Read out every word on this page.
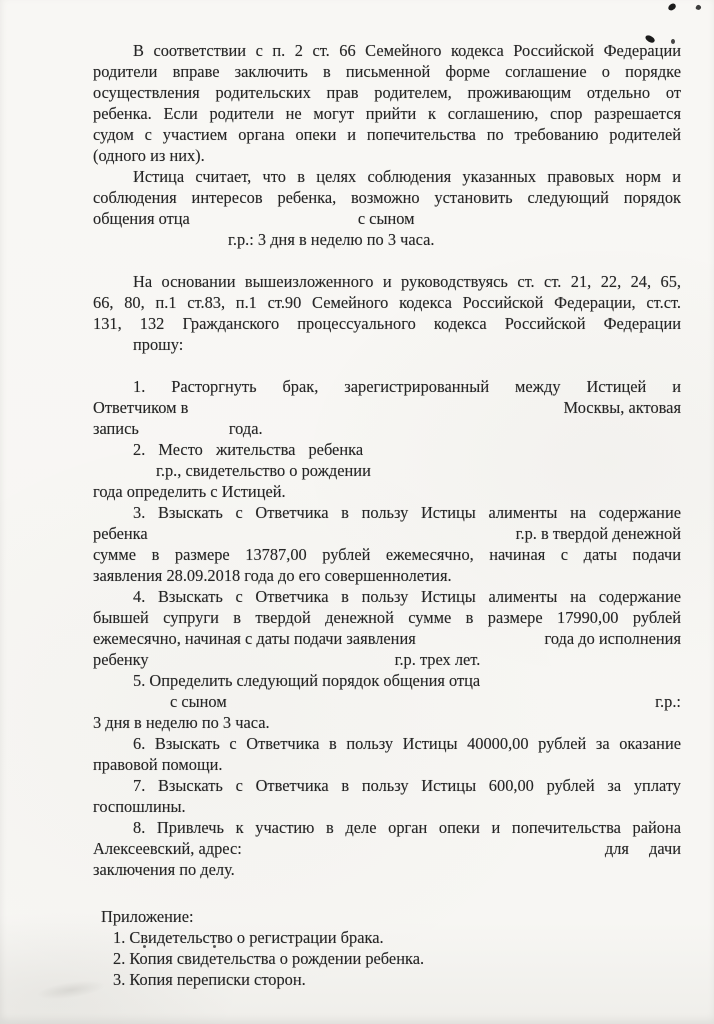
В соответствии с п. 2 ст. 66 Семейного кодекса Российской Федерации
родители вправе заключить в письменной форме соглашение о порядке
осуществления родительских прав родителем, проживающим отдельно от
ребенка. Если родители не могут прийти к соглашению, спор разрешается
судом с участием органа опеки и попечительства по требованию родителей
(одного из них).
Истица считает, что в целях соблюдения указанных правовых норм и
соблюдения интересов ребенка, возможно установить следующий порядок
общения отца	с сыном
г.р.: 3 дня в неделю по 3 часа.
На основании вышеизложенного и руководствуясь ст. ст. 21, 22, 24, 65,
66, 80, п.1 ст.83, п.1 ст.90 Семейного кодекса Российской Федерации, ст.ст.
131, 132 Гражданского процессуального кодекса Российской Федерации
прошу:
1. Расторгнуть брак, зарегистрированный между Истицей и
Ответчиком в	Москвы, актовая
запись	года.
2. Место жительства ребенка
г.р., свидетельство о рождении
года определить с Истицей.
3. Взыскать с Ответчика в пользу Истицы алименты на содержание
ребенка	г.р. в твердой денежной
сумме в размере 13787,00 рублей ежемесячно, начиная с даты подачи
заявления 28.09.2018 года до его совершеннолетия.
4. Взыскать с Ответчика в пользу Истицы алименты на содержание
бывшей супруги в твердой денежной сумме в размере 17990,00 рублей
ежемесячно, начиная с даты подачи заявления	года до исполнения
ребенку	г.р. трех лет.
5. Определить следующий порядок общения отца
с сыном	г.р.:
3 дня в неделю по 3 часа.
6. Взыскать с Ответчика в пользу Истицы 40000,00 рублей за оказание
правовой помощи.
7. Взыскать с Ответчика в пользу Истицы 600,00 рублей за уплату
госпошлины.
8. Привлечь к участию в деле орган опеки и попечительства района
Алексеевский, адрес:	для дачи
заключения по делу.
Приложение:
1. Свидетельство о регистрации брака.
2. Копия свидетельства о рождении ребенка.
3. Копия переписки сторон.
